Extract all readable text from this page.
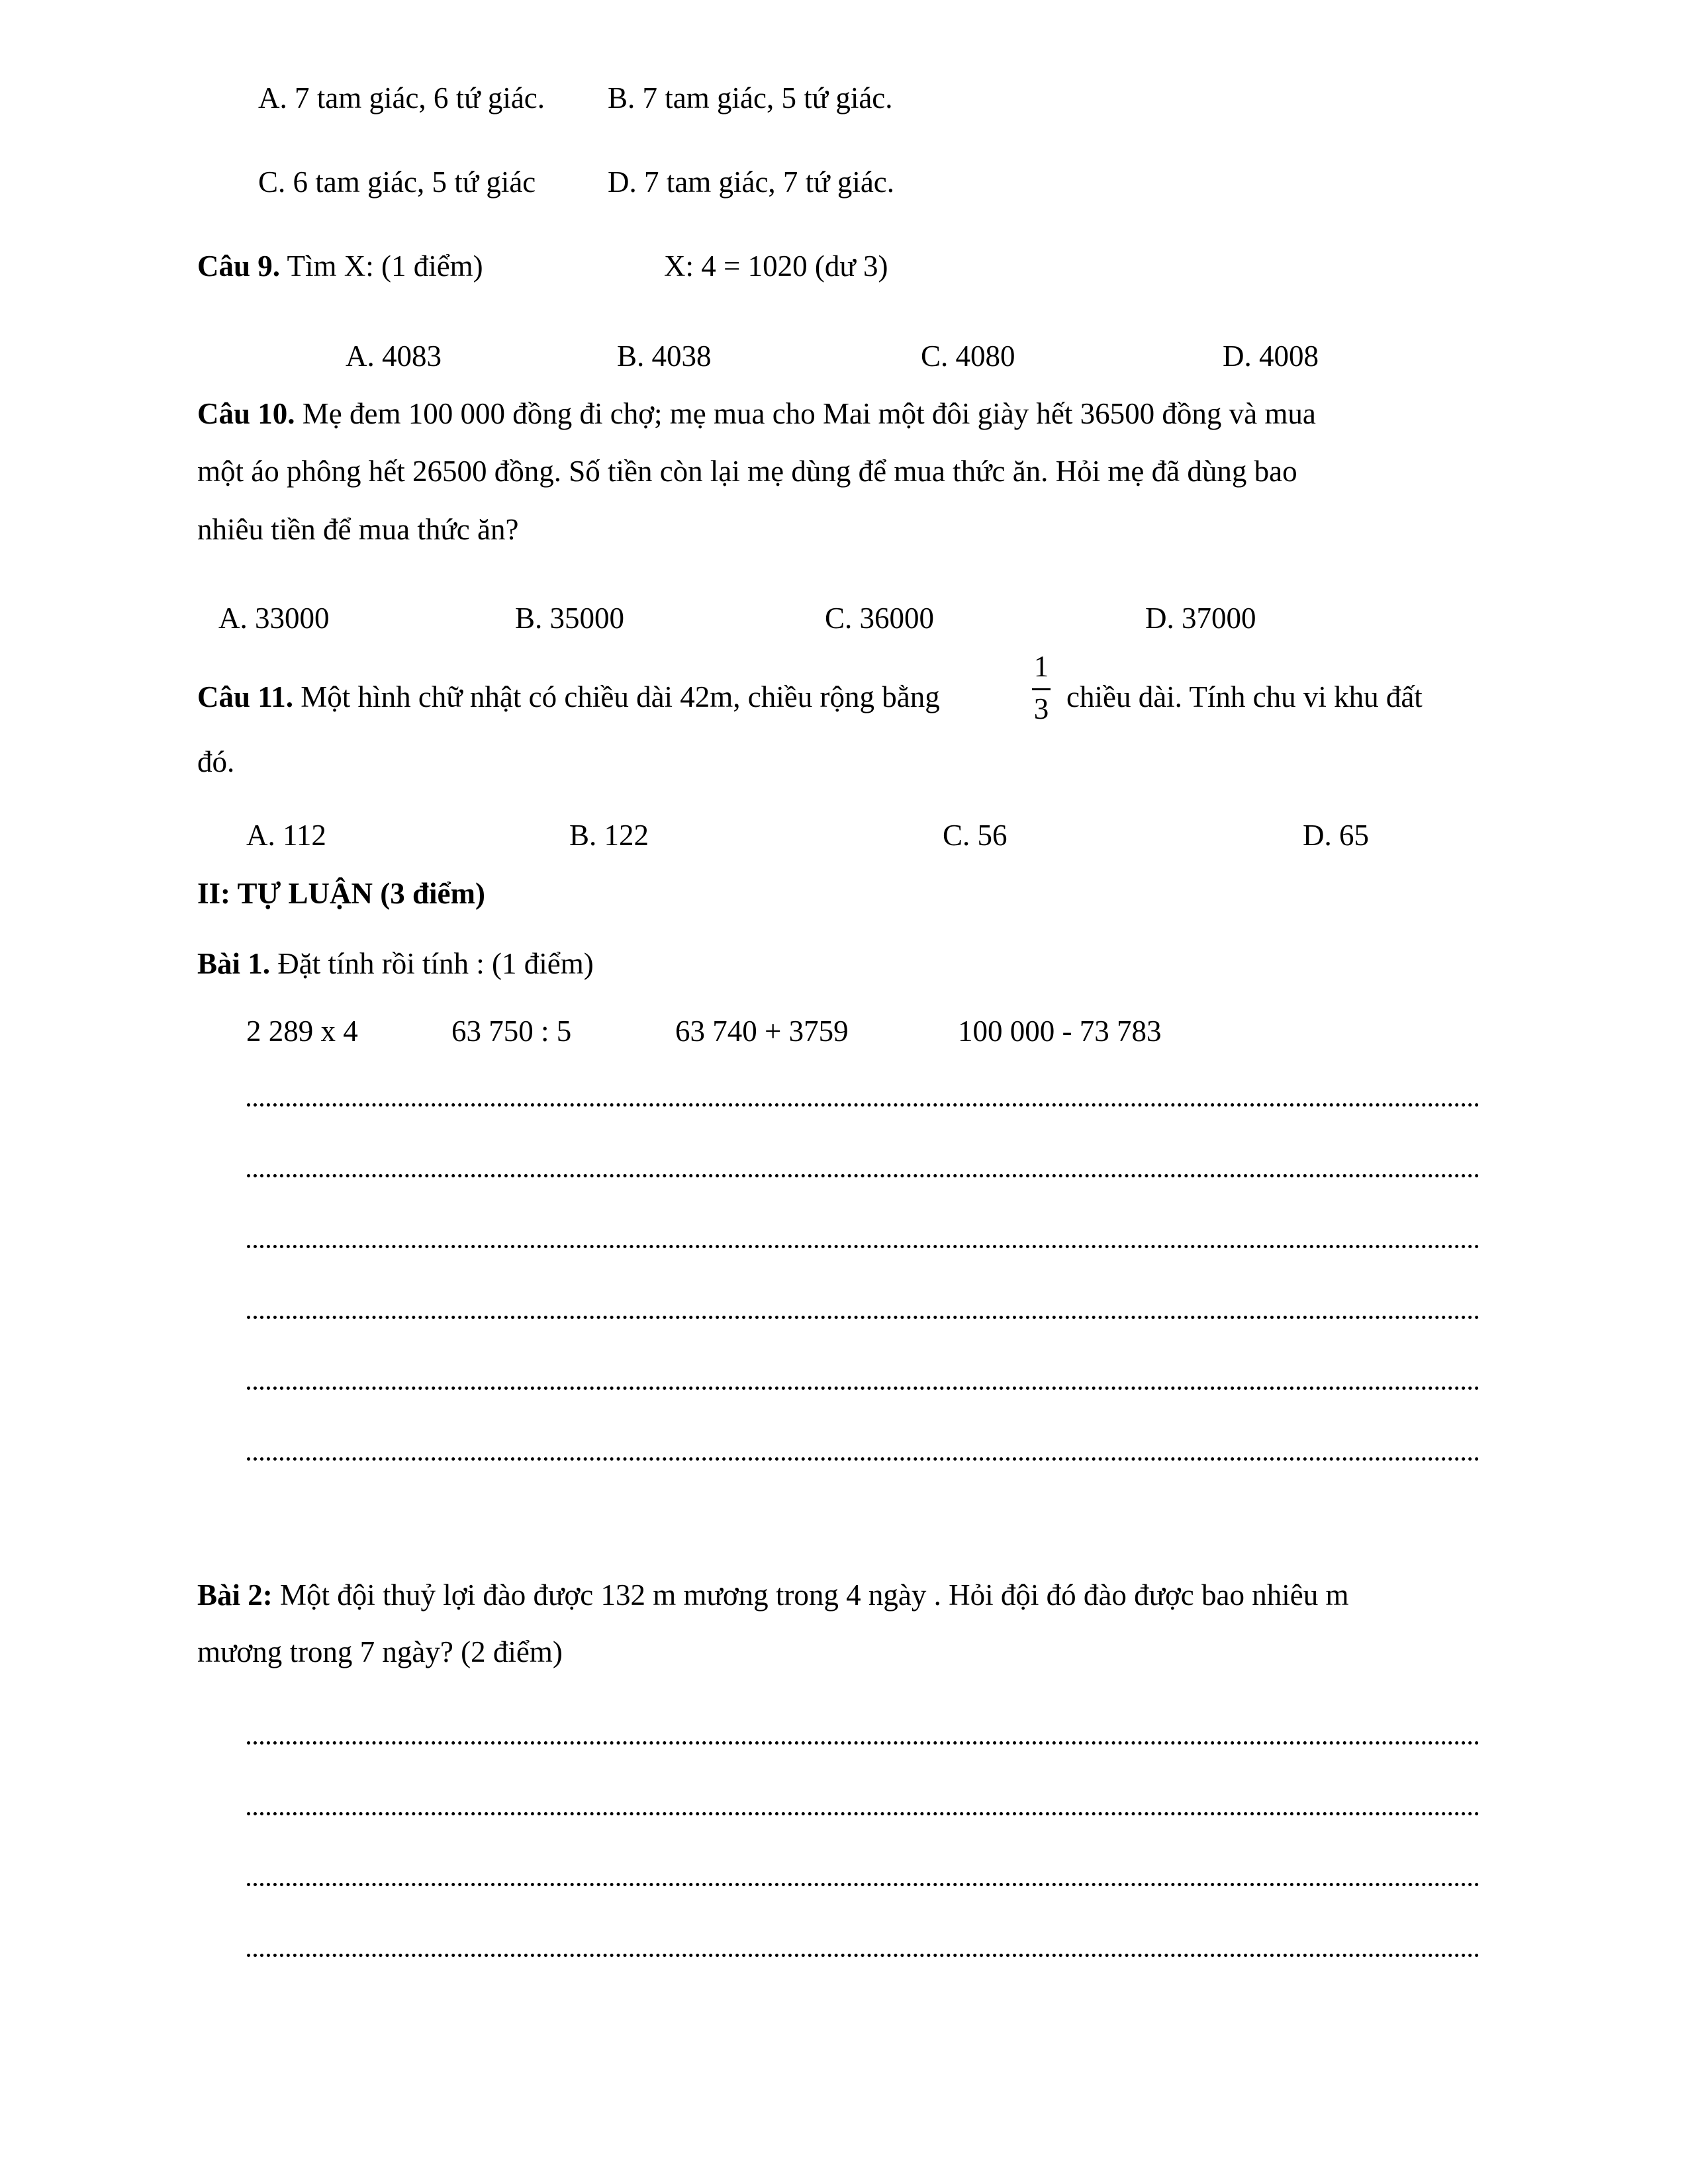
A. 7 tam giác, 6 tứ giác. B. 7 tam giác, 5 tứ giác.
C. 6 tam giác, 5 tứ giác D. 7 tam giác, 7 tứ giác.
Câu 9. Tìm X: (1 điểm)	X: 4 = 1020 (dư 3)
A. 4083	B. 4038	C. 4080	D. 4008
Câu 10. Mẹ đem 100 000 đồng đi chợ; mẹ mua cho Mai một đôi giày hết 36500 đồng và mua
một áo phông hết 26500 đồng. Số tiền còn lại mẹ dùng để mua thức ăn. Hỏi mẹ đã dùng bao
nhiêu tiền để mua thức ăn?
A. 33000	B. 35000	C. 36000	D. 37000
Câu 11. Một hình chữ nhật có chiều dài 42m, chiều rộng bằng
1
3 chiều dài. Tính chu vi khu đất
đó.
A. 112	B. 122	C. 56	D. 65
II: TỰ LUẬN (3 điểm)
Bài 1. Đặt tính rồi tính : (1 điểm)
2 289 x 4	63 750 : 5	63 740 + 3759	100 000 - 73 783
Bài 2: Một đội thuỷ lợi đào được 132 m mương trong 4 ngày . Hỏi đội đó đào được bao nhiêu m
mương trong 7 ngày? (2 điểm)
